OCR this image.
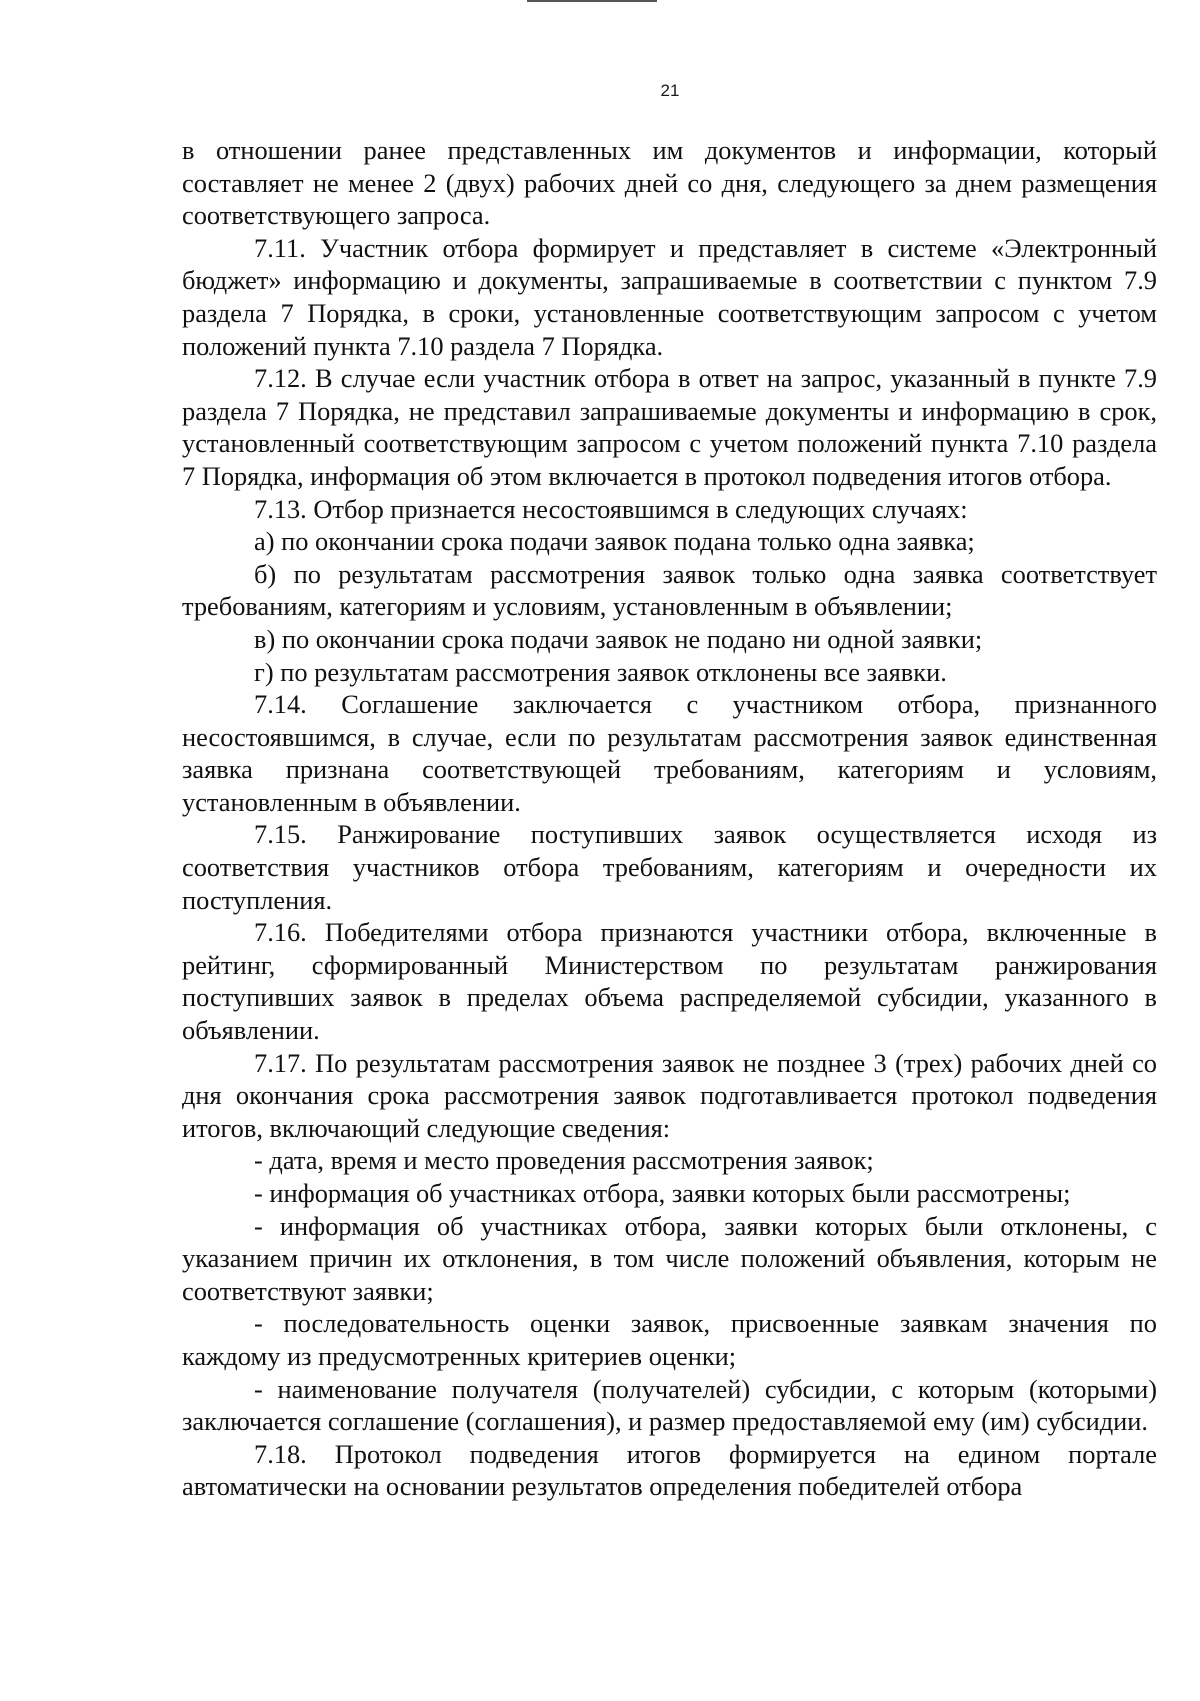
21

в отношении ранее представленных им документов и информации, который составляет не менее 2 (двух) рабочих дней со дня, следующего за днем размещения соответствующего запроса.

7.11. Участник отбора формирует и представляет в системе «Электронный бюджет» информацию и документы, запрашиваемые в соответствии с пунктом 7.9 раздела 7 Порядка, в сроки, установленные соответствующим запросом с учетом положений пункта 7.10 раздела 7 Порядка.

7.12. В случае если участник отбора в ответ на запрос, указанный в пункте 7.9 раздела 7 Порядка, не представил запрашиваемые документы и информацию в срок, установленный соответствующим запросом с учетом положений пункта 7.10 раздела 7 Порядка, информация об этом включается в протокол подведения итогов отбора.

7.13. Отбор признается несостоявшимся в следующих случаях:

а) по окончании срока подачи заявок подана только одна заявка;

б) по результатам рассмотрения заявок только одна заявка соответствует требованиям, категориям и условиям, установленным в объявлении;

в) по окончании срока подачи заявок не подано ни одной заявки;

г) по результатам рассмотрения заявок отклонены все заявки.

7.14. Соглашение заключается с участником отбора, признанного несостоявшимся, в случае, если по результатам рассмотрения заявок единственная заявка признана соответствующей требованиям, категориям и условиям, установленным в объявлении.

7.15. Ранжирование поступивших заявок осуществляется исходя из соответствия участников отбора требованиям, категориям и очередности их поступления.

7.16. Победителями отбора признаются участники отбора, включенные в рейтинг, сформированный Министерством по результатам ранжирования поступивших заявок в пределах объема распределяемой субсидии, указанного в объявлении.

7.17. По результатам рассмотрения заявок не позднее 3 (трех) рабочих дней со дня окончания срока рассмотрения заявок подготавливается протокол подведения итогов, включающий следующие сведения:

- дата, время и место проведения рассмотрения заявок;

- информация об участниках отбора, заявки которых были рассмотрены;

- информация об участниках отбора, заявки которых были отклонены, с указанием причин их отклонения, в том числе положений объявления, которым не соответствуют заявки;

- последовательность оценки заявок, присвоенные заявкам значения по каждому из предусмотренных критериев оценки;

- наименование получателя (получателей) субсидии, с которым (которыми) заключается соглашение (соглашения), и размер предоставляемой ему (им) субсидии.

7.18. Протокол подведения итогов формируется на едином портале автоматически на основании результатов определения победителей отбора
